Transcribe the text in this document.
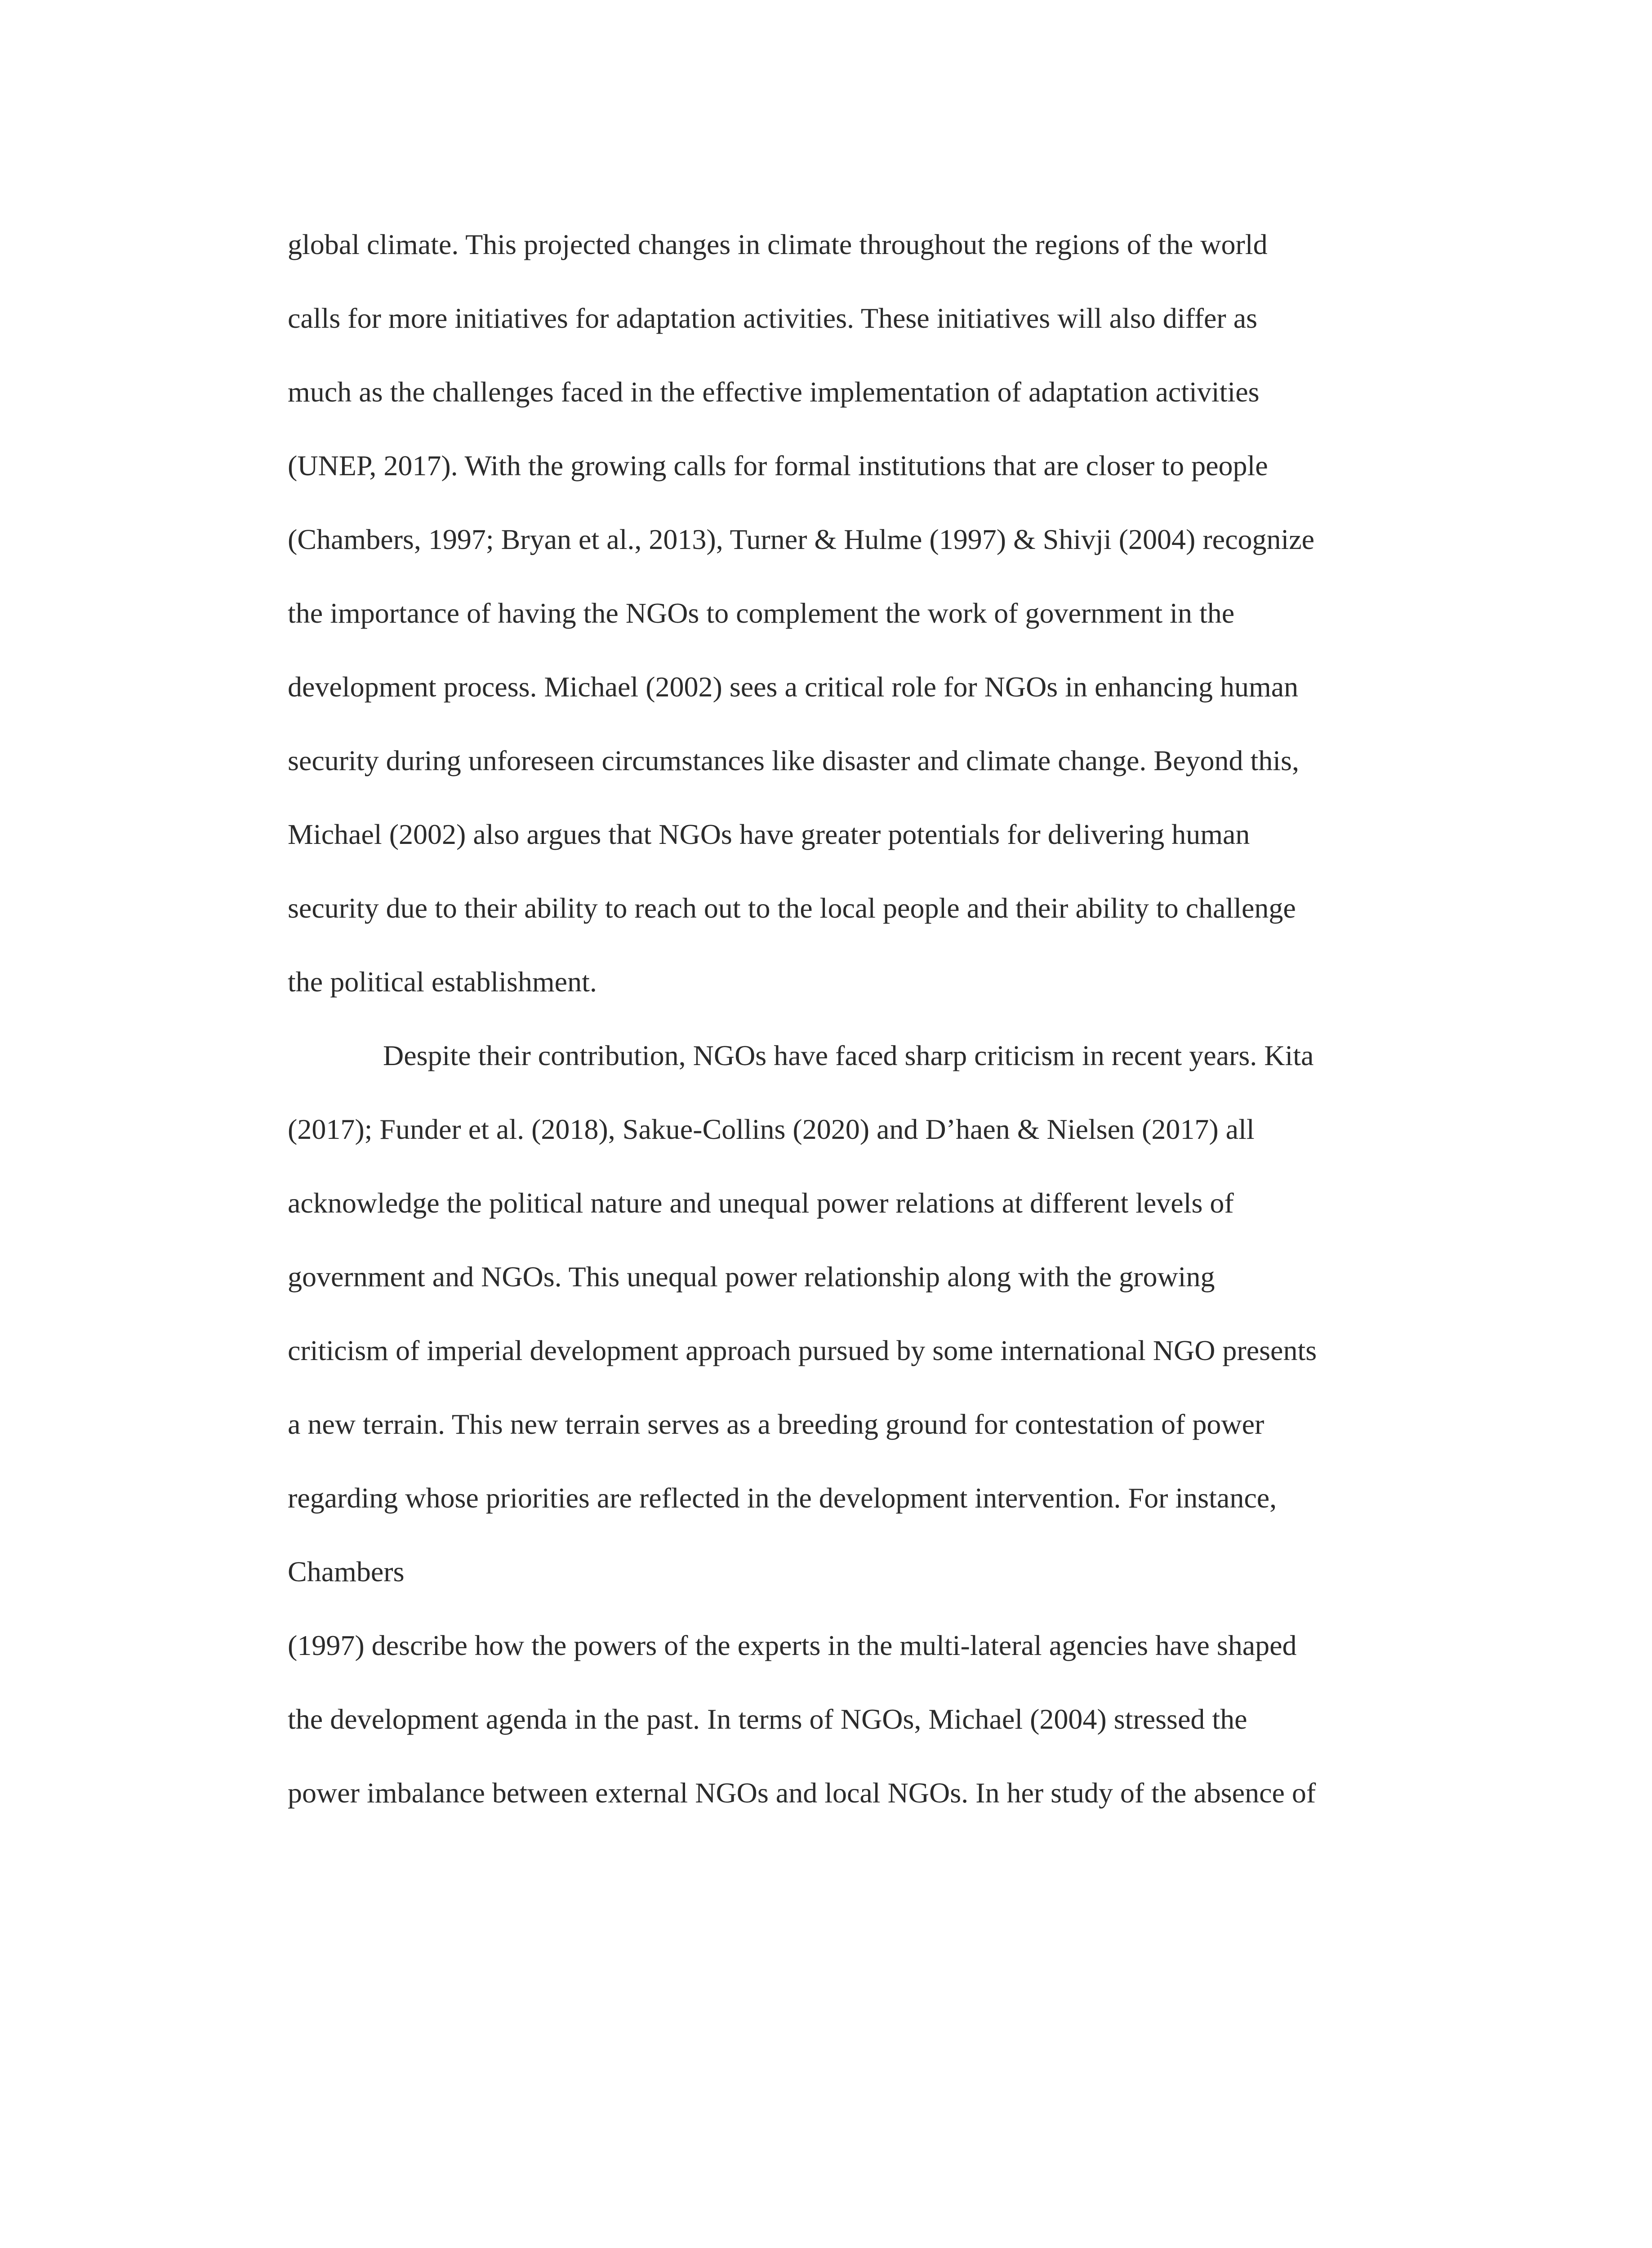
global climate. This projected changes in climate throughout the regions of the world
calls for more initiatives for adaptation activities. These initiatives will also differ as
much as the challenges faced in the effective implementation of adaptation activities
(UNEP, 2017). With the growing calls for formal institutions that are closer to people
(Chambers, 1997; Bryan et al., 2013), Turner & Hulme (1997) & Shivji (2004) recognize
the importance of having the NGOs to complement the work of government in the
development process. Michael (2002) sees a critical role for NGOs in enhancing human
security during unforeseen circumstances like disaster and climate change. Beyond this,
Michael (2002) also argues that NGOs have greater potentials for delivering human
security due to their ability to reach out to the local people and their ability to challenge
the political establishment.
Despite their contribution, NGOs have faced sharp criticism in recent years. Kita
(2017); Funder et al. (2018), Sakue-Collins (2020) and D’haen & Nielsen (2017) all
acknowledge the political nature and unequal power relations at different levels of
government and NGOs. This unequal power relationship along with the growing
criticism of imperial development approach pursued by some international NGO presents
a new terrain. This new terrain serves as a breeding ground for contestation of power
regarding whose priorities are reflected in the development intervention. For instance,
Chambers
(1997) describe how the powers of the experts in the multi-lateral agencies have shaped
the development agenda in the past. In terms of NGOs, Michael (2004) stressed the
power imbalance between external NGOs and local NGOs. In her study of the absence of
